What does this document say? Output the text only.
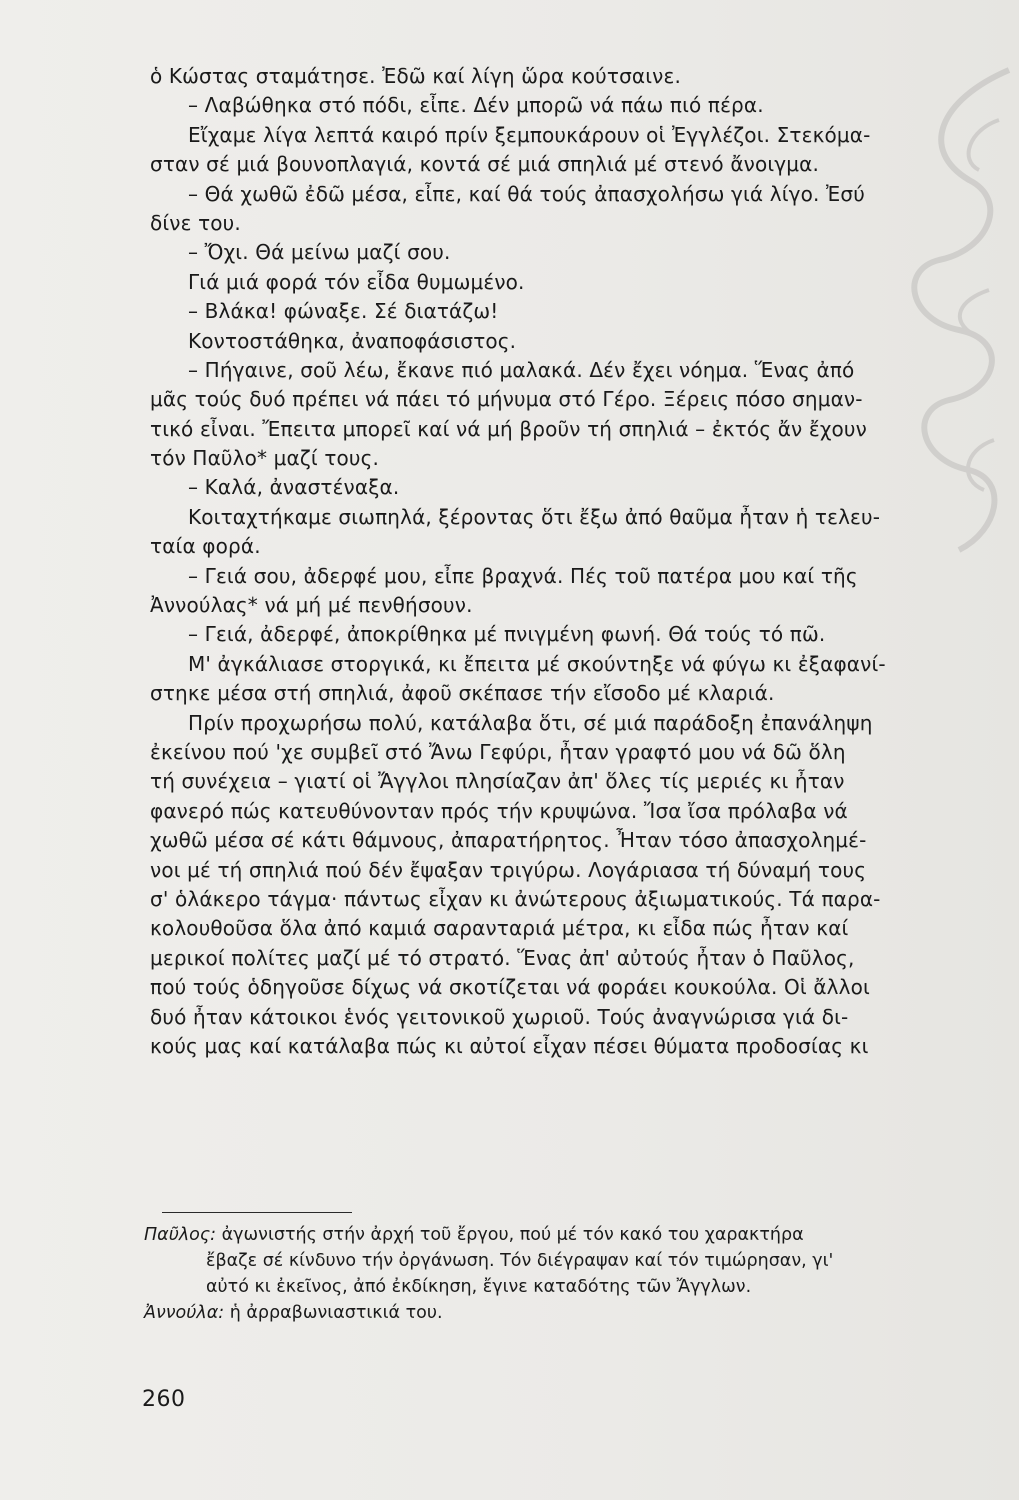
ὁ Κώστας σταμάτησε. Ἐδῶ καί λίγη ὥρα κούτσαινε.
– Λαβώθηκα στό πόδι, εἶπε. Δέν μπορῶ νά πάω πιό πέρα.
Εἴχαμε λίγα λεπτά καιρό πρίν ξεμπουκάρουν οἱ Ἐγγλέζοι. Στεκόμα-
σταν σέ μιά βουνοπλαγιά, κοντά σέ μιά σπηλιά μέ στενό ἄνοιγμα.
– Θά χωθῶ ἐδῶ μέσα, εἶπε, καί θά τούς ἀπασχολήσω γιά λίγο. Ἐσύ
δίνε του.
– Ὄχι. Θά μείνω μαζί σου.
Γιά μιά φορά τόν εἶδα θυμωμένο.
– Βλάκα! φώναξε. Σέ διατάζω!
Κοντοστάθηκα, ἀναποφάσιστος.
– Πήγαινε, σοῦ λέω, ἔκανε πιό μαλακά. Δέν ἔχει νόημα. Ἕνας ἀπό
μᾶς τούς δυό πρέπει νά πάει τό μήνυμα στό Γέρο. Ξέρεις πόσο σημαν-
τικό εἶναι. Ἔπειτα μπορεῖ καί νά μή βροῦν τή σπηλιά – ἐκτός ἄν ἔχουν
τόν Παῦλο* μαζί τους.
– Καλά, ἀναστέναξα.
Κοιταχτήκαμε σιωπηλά, ξέροντας ὅτι ἔξω ἀπό θαῦμα ἦταν ἡ τελευ-
ταία φορά.
– Γειά σου, ἀδερφέ μου, εἶπε βραχνά. Πές τοῦ πατέρα μου καί τῆς
Ἀννούλας* νά μή μέ πενθήσουν.
– Γειά, ἀδερφέ, ἀποκρίθηκα μέ πνιγμένη φωνή. Θά τούς τό πῶ.
Μ' ἀγκάλιασε στοργικά, κι ἔπειτα μέ σκούντηξε νά φύγω κι ἐξαφανί-
στηκε μέσα στή σπηλιά, ἀφοῦ σκέπασε τήν εἴσοδο μέ κλαριά.
Πρίν προχωρήσω πολύ, κατάλαβα ὅτι, σέ μιά παράδοξη ἐπανάληψη
ἐκείνου πού 'χε συμβεῖ στό Ἄνω Γεφύρι, ἦταν γραφτό μου νά δῶ ὅλη
τή συνέχεια – γιατί οἱ Ἄγγλοι πλησίαζαν ἀπ' ὅλες τίς μεριές κι ἦταν
φανερό πώς κατευθύνονταν πρός τήν κρυψώνα. Ἴσα ἴσα πρόλαβα νά
χωθῶ μέσα σέ κάτι θάμνους, ἀπαρατήρητος. Ἦταν τόσο ἀπασχολημέ-
νοι μέ τή σπηλιά πού δέν ἔψαξαν τριγύρω. Λογάριασα τή δύναμή τους
σ' ὁλάκερο τάγμα· πάντως εἶχαν κι ἀνώτερους ἀξιωματικούς. Τά παρα-
κολουθοῦσα ὅλα ἀπό καμιά σαρανταριά μέτρα, κι εἶδα πώς ἦταν καί
μερικοί πολίτες μαζί μέ τό στρατό. Ἕνας ἀπ' αὐτούς ἦταν ὁ Παῦλος,
πού τούς ὁδηγοῦσε δίχως νά σκοτίζεται νά φοράει κουκούλα. Οἱ ἄλλοι
δυό ἦταν κάτοικοι ἑνός γειτονικοῦ χωριοῦ. Τούς ἀναγνώρισα γιά δι-
κούς μας καί κατάλαβα πώς κι αὐτοί εἶχαν πέσει θύματα προδοσίας κι
Παῦλος: ἀγωνιστής στήν ἀρχή τοῦ ἔργου, πού μέ τόν κακό του χαρακτήρα
ἔβαζε σέ κίνδυνο τήν ὀργάνωση. Τόν διέγραψαν καί τόν τιμώρησαν, γι'
αὐτό κι ἐκεῖνος, ἀπό ἐκδίκηση, ἔγινε καταδότης τῶν Ἄγγλων.
Ἀννούλα: ἡ ἀρραβωνιαστικιά του.
260
